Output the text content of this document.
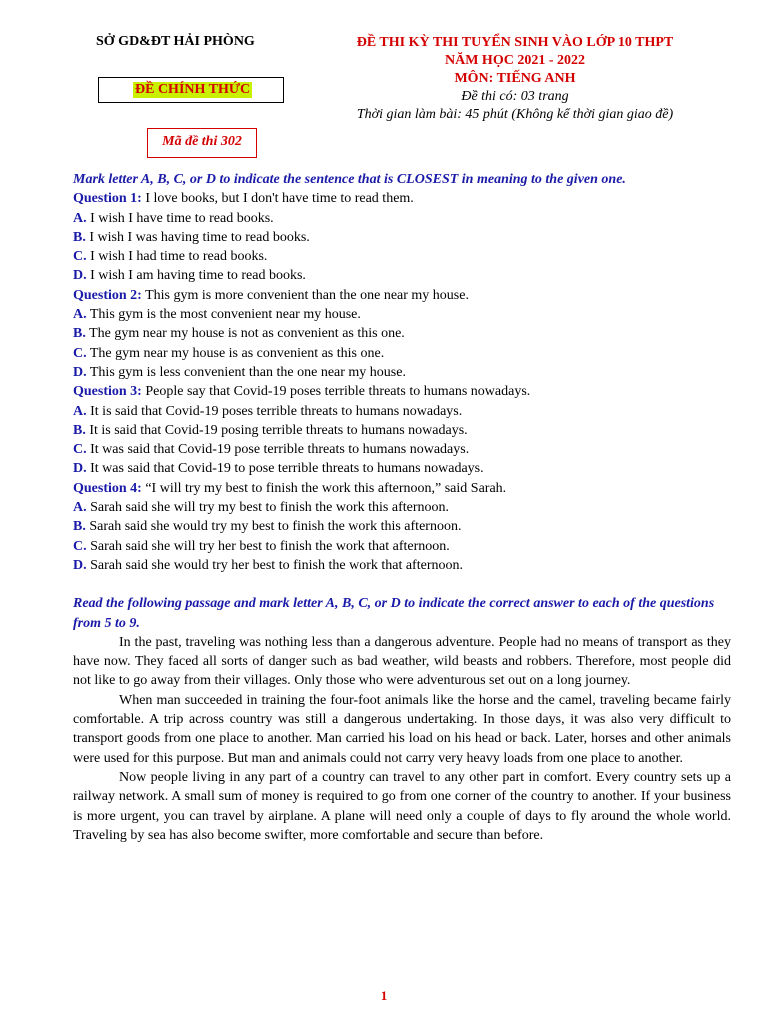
SỞ GD&ĐT HẢI PHÒNG	ĐỀ THI KỲ THI TUYỂN SINH VÀO LỚP 10 THPT
NĂM HỌC 2021 - 2022
MÔN: TIẾNG ANH
Đề thi có: 03 trang
Thời gian làm bài: 45 phút (Không kể thời gian giao đề)
ĐỀ CHÍNH THỨC
Mã đề thi 302
Mark letter A, B, C, or D to indicate the sentence that is CLOSEST in meaning to the given one.
Question 1: I love books, but I don't have time to read them.
A. I wish I have time to read books.
B. I wish I was having time to read books.
C. I wish I had time to read books.
D. I wish I am having time to read books.
Question 2: This gym is more convenient than the one near my house.
A. This gym is the most convenient near my house.
B. The gym near my house is not as convenient as this one.
C. The gym near my house is as convenient as this one.
D. This gym is less convenient than the one near my house.
Question 3: People say that Covid-19 poses terrible threats to humans nowadays.
A. It is said that Covid-19 poses terrible threats to humans nowadays.
B. It is said that Covid-19 posing terrible threats to humans nowadays.
C. It was said that Covid-19 pose terrible threats to humans nowadays.
D. It was said that Covid-19 to pose terrible threats to humans nowadays.
Question 4: “I will try my best to finish the work this afternoon,” said Sarah.
A. Sarah said she will try my best to finish the work this afternoon.
B. Sarah said she would try my best to finish the work this afternoon.
C. Sarah said she will try her best to finish the work that afternoon.
D. Sarah said she would try her best to finish the work that afternoon.
Read the following passage and mark letter A, B, C, or D to indicate the correct answer to each of the questions from 5 to 9.

In the past, traveling was nothing less than a dangerous adventure. People had no means of transport as they have now. They faced all sorts of danger such as bad weather, wild beasts and robbers. Therefore, most people did not like to go away from their villages. Only those who were adventurous set out on a long journey.

When man succeeded in training the four-foot animals like the horse and the camel, traveling became fairly comfortable. A trip across country was still a dangerous undertaking. In those days, it was also very difficult to transport goods from one place to another. Man carried his load on his head or back. Later, horses and other animals were used for this purpose. But man and animals could not carry very heavy loads from one place to another.

Now people living in any part of a country can travel to any other part in comfort. Every country sets up a railway network. A small sum of money is required to go from one corner of the country to another. If your business is more urgent, you can travel by airplane. A plane will need only a couple of days to fly around the whole world. Traveling by sea has also become swifter, more comfortable and secure than before.

1
